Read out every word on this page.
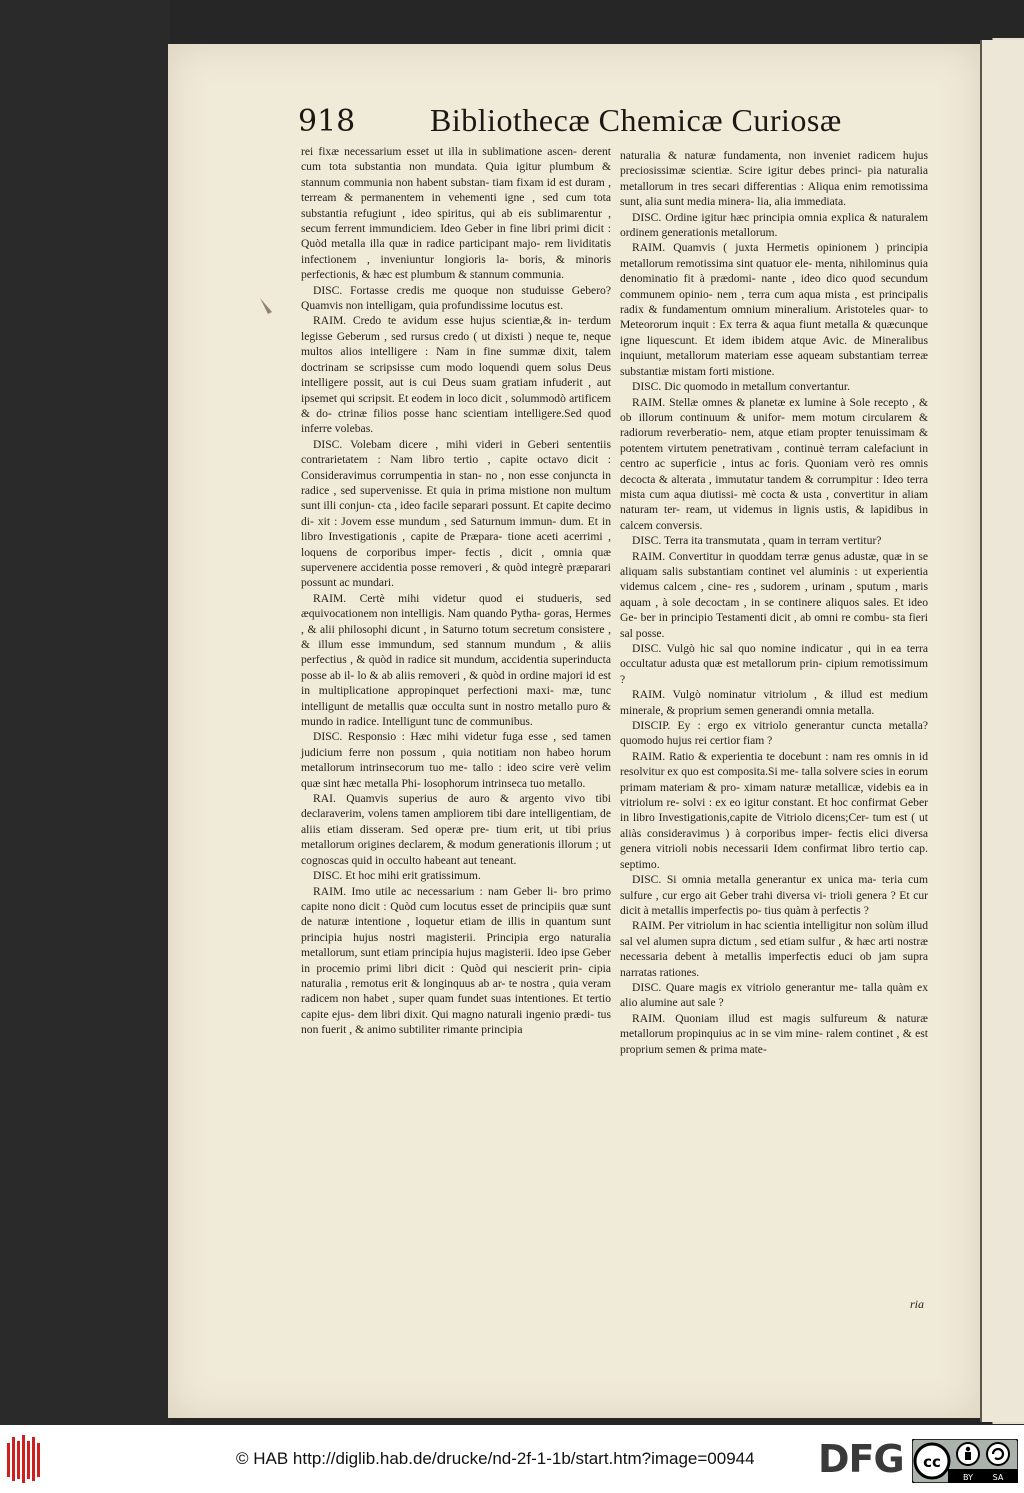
918 Bibliothecæ Chemicæ Curiosæ

rei fixæ necessarium esset ut illa in sublimatione ascen- derent cum tota substantia non mundata. Quia igitur plumbum & stannum communia non habent substan- tiam fixam id est duram , terream & permanentem in vehementi igne , sed cum tota substantia refugiunt , ideo spiritus, qui ab eis sublimarentur , secum ferrent immundiciem. Ideo Geber in fine libri primi dicit : Quòd metalla illa quæ in radice participant majo- rem lividitatis infectionem , inveniuntur longioris la- boris, & minoris perfectionis, & hæc est plumbum & stannum communia.

DISC. Fortasse credis me quoque non studuisse Gebero? Quamvis non intelligam, quia profundissime locutus est.

RAIM. Credo te avidum esse hujus scientiæ,& in- terdum legisse Geberum , sed rursus credo ( ut dixisti ) neque te, neque multos alios intelligere : Nam in fine summæ dixit, talem doctrinam se scripsisse cum modo loquendi quem solus Deus intelligere possit, aut is cui Deus suam gratiam infuderit , aut ipsemet qui scripsit. Et eodem in loco dicit , solummodò artificem & do- ctrinæ filios posse hanc scientiam intelligere.Sed quod inferre volebas.

DISC. Volebam dicere , mihi videri in Geberi sententiis contrarietatem : Nam libro tertio , capite octavo dicit : Consideravimus corrumpentia in stan- no , non esse conjuncta in radice , sed supervenisse. Et quia in prima mistione non multum sunt illi conjun- cta , ideo facile separari possunt. Et capite decimo di- xit : Jovem esse mundum , sed Saturnum immun- dum. Et in libro Investigationis , capite de Præpara- tione aceti acerrimi , loquens de corporibus imper- fectis , dicit , omnia quæ supervenere accidentia posse removeri , & quòd integrè præparari possunt ac mundari.

RAIM. Certè mihi videtur quod ei studueris, sed æquivocationem non intelligis. Nam quando Pytha- goras, Hermes , & alii philosophi dicunt , in Saturno totum secretum consistere , & illum esse immundum, sed stannum mundum , & aliis perfectius , & quòd in radice sit mundum, accidentia superinducta posse ab il- lo & ab aliis removeri , & quòd in ordine majori id est in multiplicatione appropinquet perfectioni maxi- mæ, tunc intelligunt de metallis quæ occulta sunt in nostro metallo puro & mundo in radice. Intelligunt tunc de communibus.

DISC. Responsio : Hæc mihi videtur fuga esse , sed tamen judicium ferre non possum , quia notitiam non habeo horum metallorum intrinsecorum tuo me- tallo : ideo scire verè velim quæ sint hæc metalla Phi- losophorum intrinseca tuo metallo.

RAI. Quamvis superius de auro & argento vivo tibi declaraverim, volens tamen ampliorem tibi dare intelligentiam, de aliis etiam disseram. Sed operæ pre- tium erit, ut tibi prius metallorum origines declarem, & modum generationis illorum ; ut cognoscas quid in occulto habeant aut teneant.

DISC. Et hoc mihi erit gratissimum.

RAIM. Imo utile ac necessarium : nam Geber li- bro primo capite nono dicit : Quòd cum locutus esset de principiis quæ sunt de naturæ intentione , loquetur etiam de illis in quantum sunt principia hujus nostri magisterii. Principia ergo naturalia metallorum, sunt etiam principia hujus magisterii. Ideo ipse Geber in procemio primi libri dicit : Quòd qui nescierit prin- cipia naturalia , remotus erit & longinquus ab ar- te nostra , quia veram radicem non habet , super quam fundet suas intentiones. Et tertio capite ejus- dem libri dixit. Qui magno naturali ingenio prædi- tus non fuerit , & animo subtiliter rimante principia

naturalia & naturæ fundamenta, non inveniet radicem hujus preciosissimæ scientiæ. Scire igitur debes princi- pia naturalia metallorum in tres secari differentias : Aliqua enim remotissima sunt, alia sunt media minera- lia, alia immediata.

DISC. Ordine igitur hæc principia omnia explica & naturalem ordinem generationis metallorum.

RAIM. Quamvis ( juxta Hermetis opinionem ) principia metallorum remotissima sint quatuor ele- menta, nihilominus quia denominatio fit à prædomi- nante , ideo dico quod secundum communem opinio- nem , terra cum aqua mista , est principalis radix & fundamentum omnium mineralium. Aristoteles quar- to Meteororum inquit : Ex terra & aqua fiunt metalla & quæcunque igne liquescunt. Et idem ibidem atque Avic. de Mineralibus inquiunt, metallorum materiam esse aqueam substantiam terreæ substantiæ mistam forti mistione.

DISC. Dic quomodo in metallum convertantur.

RAIM. Stellæ omnes & planetæ ex lumine à Sole recepto , & ob illorum continuum & unifor- mem motum circularem & radiorum reverberatio- nem, atque etiam propter tenuissimam & potentem virtutem penetrativam , continuè terram calefaciunt in centro ac superficie , intus ac foris. Quoniam verò res omnis decocta & alterata , immutatur tandem & corrumpitur : Ideo terra mista cum aqua diutissi- mè cocta & usta , convertitur in aliam naturam ter- ream, ut videmus in lignis ustis, & lapidibus in calcem conversis.

DISC. Terra ita transmutata , quam in terram vertitur?

RAIM. Convertitur in quoddam terræ genus adustæ, quæ in se aliquam salis substantiam continet vel aluminis : ut experientia videmus calcem , cine- res , sudorem , urinam , sputum , maris aquam , à sole decoctam , in se continere aliquos sales. Et ideo Ge- ber in principio Testamenti dicit , ab omni re combu- sta fieri sal posse.

DISC. Vulgò hic sal quo nomine indicatur , qui in ea terra occultatur adusta quæ est metallorum prin- cipium remotissimum ?

RAIM. Vulgò nominatur vitriolum , & illud est medium minerale, & proprium semen generandi omnia metalla.

DISCIP. Ey : ergo ex vitriolo generantur cuncta metalla? quomodo hujus rei certior fiam ?

RAIM. Ratio & experientia te docebunt : nam res omnis in id resolvitur ex quo est composita.Si me- talla solvere scies in eorum primam materiam & pro- ximam naturæ metallicæ, videbis ea in vitriolum re- solvi : ex eo igitur constant. Et hoc confirmat Geber in libro Investigationis,capite de Vitriolo dicens;Cer- tum est ( ut aliàs consideravimus ) à corporibus imper- fectis elici diversa genera vitrioli nobis necessarii Idem confirmat libro tertio cap. septimo.

DISC. Si omnia metalla generantur ex unica ma- teria cum sulfure , cur ergo ait Geber trahi diversa vi- trioli genera ? Et cur dicit à metallis imperfectis po- tius quàm à perfectis ?

RAIM. Per vitriolum in hac scientia intelligitur non solùm illud sal vel alumen supra dictum , sed etiam sulfur , & hæc arti nostræ necessaria debent à metallis imperfectis educi ob jam supra narratas rationes.

DISC. Quare magis ex vitriolo generantur me- talla quàm ex alio alumine aut sale ?

RAIM. Quoniam illud est magis sulfureum & naturæ metallorum propinquius ac in se vim mine- ralem continet , & est proprium semen & prima mate-

ria
© HAB http://diglib.hab.de/drucke/nd-2f-1-1b/start.htm?image=00944 DFG cc
BY SA
